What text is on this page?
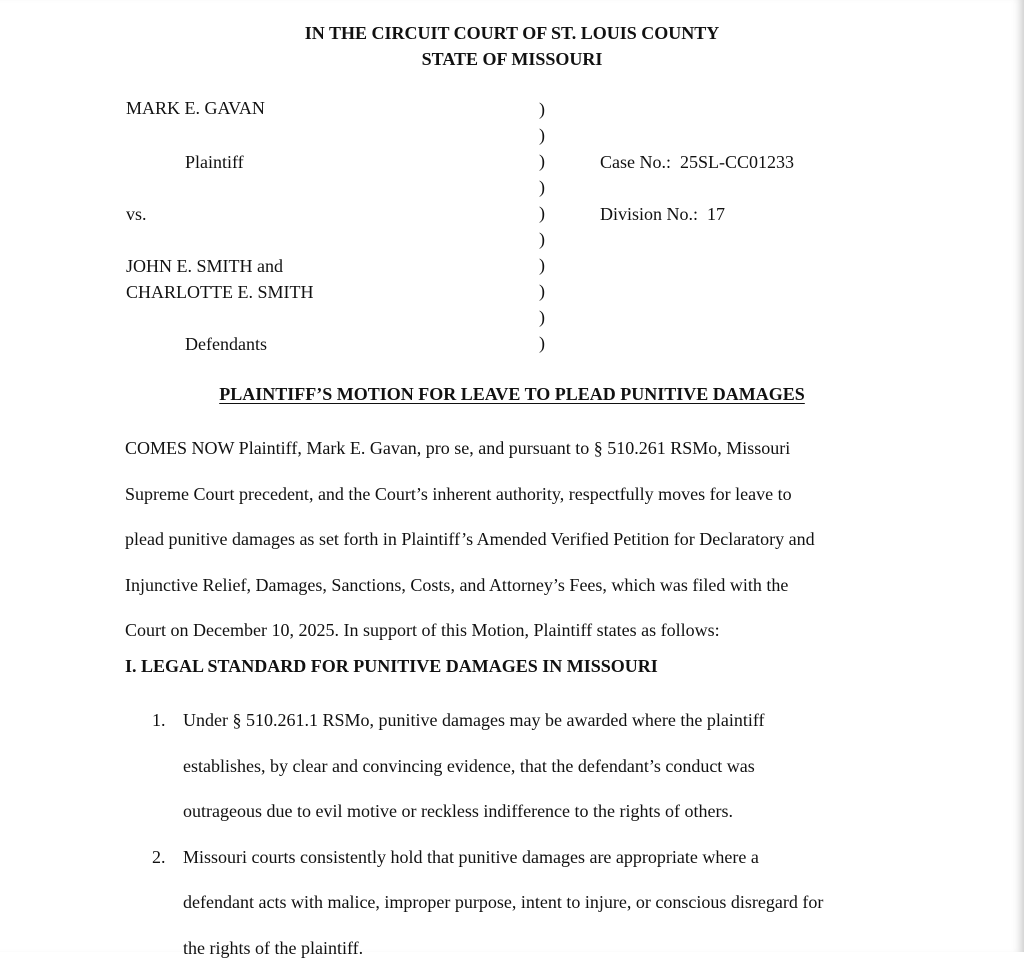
IN THE CIRCUIT COURT OF ST. LOUIS COUNTY
STATE OF MISSOURI
MARK E. GAVAN
Plaintiff
vs.
JOHN E. SMITH and
CHARLOTTE E. SMITH
Defendants
)
)
)
)
)
)
)
)
)
)
Case No.: 25SL-CC01233
Division No.: 17
PLAINTIFF’S MOTION FOR LEAVE TO PLEAD PUNITIVE DAMAGES
COMES NOW Plaintiff, Mark E. Gavan, pro se, and pursuant to § 510.261 RSMo, Missouri
Supreme Court precedent, and the Court’s inherent authority, respectfully moves for leave to
plead punitive damages as set forth in Plaintiff’s Amended Verified Petition for Declaratory and
Injunctive Relief, Damages, Sanctions, Costs, and Attorney’s Fees, which was filed with the
Court on December 10, 2025. In support of this Motion, Plaintiff states as follows:
I. LEGAL STANDARD FOR PUNITIVE DAMAGES IN MISSOURI
1. Under § 510.261.1 RSMo, punitive damages may be awarded where the plaintiff
establishes, by clear and convincing evidence, that the defendant’s conduct was
outrageous due to evil motive or reckless indifference to the rights of others.
2. Missouri courts consistently hold that punitive damages are appropriate where a
defendant acts with malice, improper purpose, intent to injure, or conscious disregard for
the rights of the plaintiff.
